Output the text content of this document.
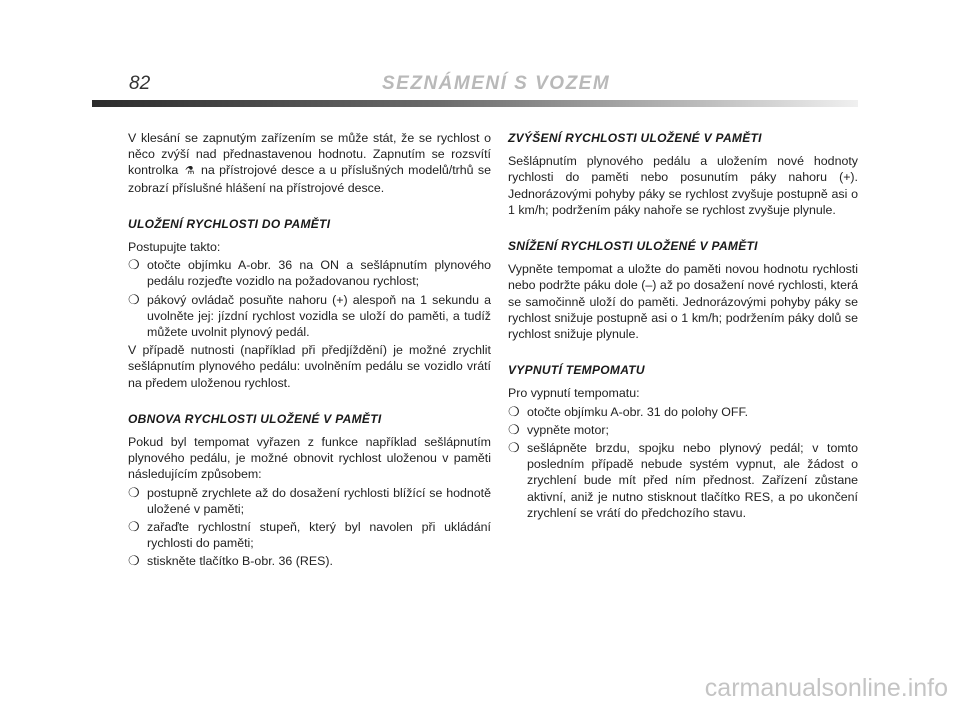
82	SEZNÁMENÍ S VOZEM

V klesání se zapnutým zařízením se může stát, že se rychlost o něco zvýší nad přednastavenou hodnotu. Zapnutím se rozsvítí kontrolka ⚗ na přístrojové desce a u příslušných modelů/trhů se zobrazí příslušné hlášení na přístrojové desce.

ULOŽENÍ RYCHLOSTI DO PAMĚTI

Postupujte takto:

❍ otočte objímku A-obr. 36 na ON a sešlápnutím plynového pedálu rozjeďte vozidlo na požadovanou rychlost;
❍ pákový ovládač posuňte nahoru (+) alespoň na 1 sekundu a uvolněte jej: jízdní rychlost vozidla se uloží do paměti, a tudíž můžete uvolnit plynový pedál.

V případě nutnosti (například při předjíždění) je možné zrychlit sešlápnutím plynového pedálu: uvolněním pedálu se vozidlo vrátí na předem uloženou rychlost.

OBNOVA RYCHLOSTI ULOŽENÉ V PAMĚTI

Pokud byl tempomat vyřazen z funkce například sešlápnutím plynového pedálu, je možné obnovit rychlost uloženou v paměti následujícím způsobem:

❍ postupně zrychlete až do dosažení rychlosti blížící se hodnotě uložené v paměti;
❍ zařaďte rychlostní stupeň, který byl navolen při ukládání rychlosti do paměti;
❍ stiskněte tlačítko B-obr. 36 (RES).
ZVÝŠENÍ RYCHLOSTI ULOŽENÉ V PAMĚTI

Sešlápnutím plynového pedálu a uložením nové hodnoty rychlosti do paměti nebo posunutím páky nahoru (+). Jednorázovými pohyby páky se rychlost zvyšuje postupně asi o 1 km/h; podržením páky nahoře se rychlost zvyšuje plynule.

SNÍŽENÍ RYCHLOSTI ULOŽENÉ V PAMĚTI

Vypněte tempomat a uložte do paměti novou hodnotu rychlosti nebo podržte páku dole (–) až po dosažení nové rychlosti, která se samočinně uloží do paměti. Jednorázovými pohyby páky se rychlost snižuje postupně asi o 1 km/h; podržením páky dolů se rychlost snižuje plynule.

VYPNUTÍ TEMPOMATU

Pro vypnutí tempomatu:

❍ otočte objímku A-obr. 31 do polohy OFF.
❍ vypněte motor;
❍ sešlápněte brzdu, spojku nebo plynový pedál; v tomto posledním případě nebude systém vypnut, ale žádost o zrychlení bude mít před ním přednost. Zařízení zůstane aktivní, aniž je nutno stisknout tlačítko RES, a po ukončení zrychlení se vrátí do předchozího stavu.
carmanualsonline.info
